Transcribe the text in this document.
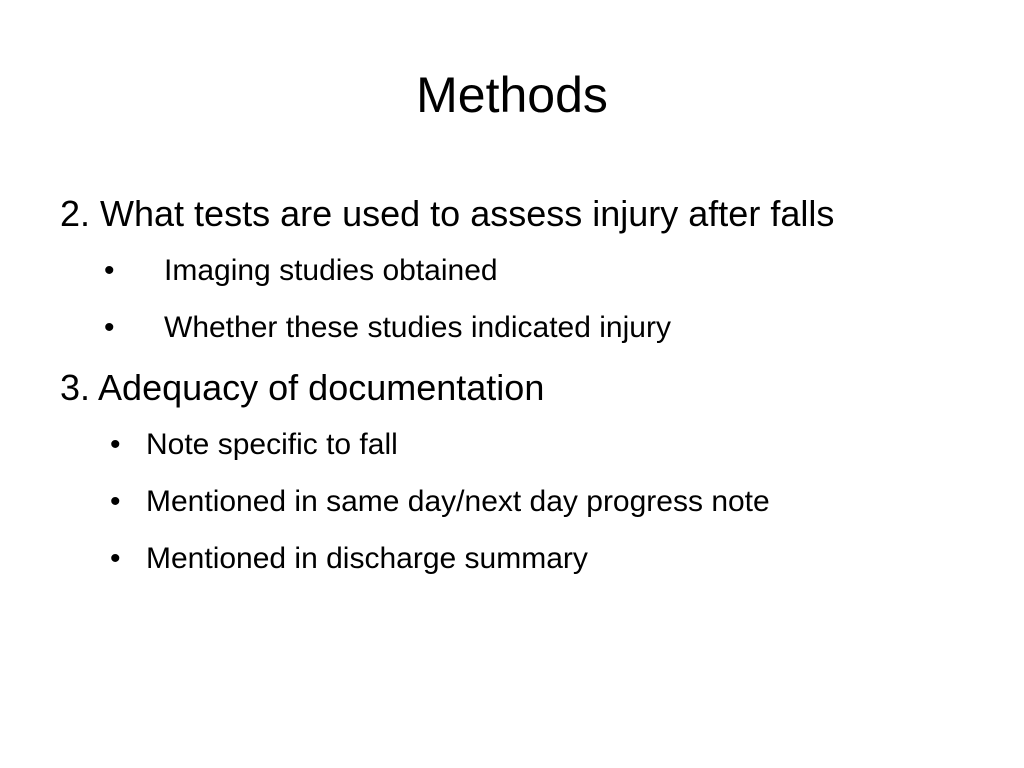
Methods
2. What tests are used to assess injury after falls
• Imaging studies obtained
• Whether these studies indicated injury
3. Adequacy of documentation
• Note specific to fall
• Mentioned in same day/next day progress note
• Mentioned in discharge summary
